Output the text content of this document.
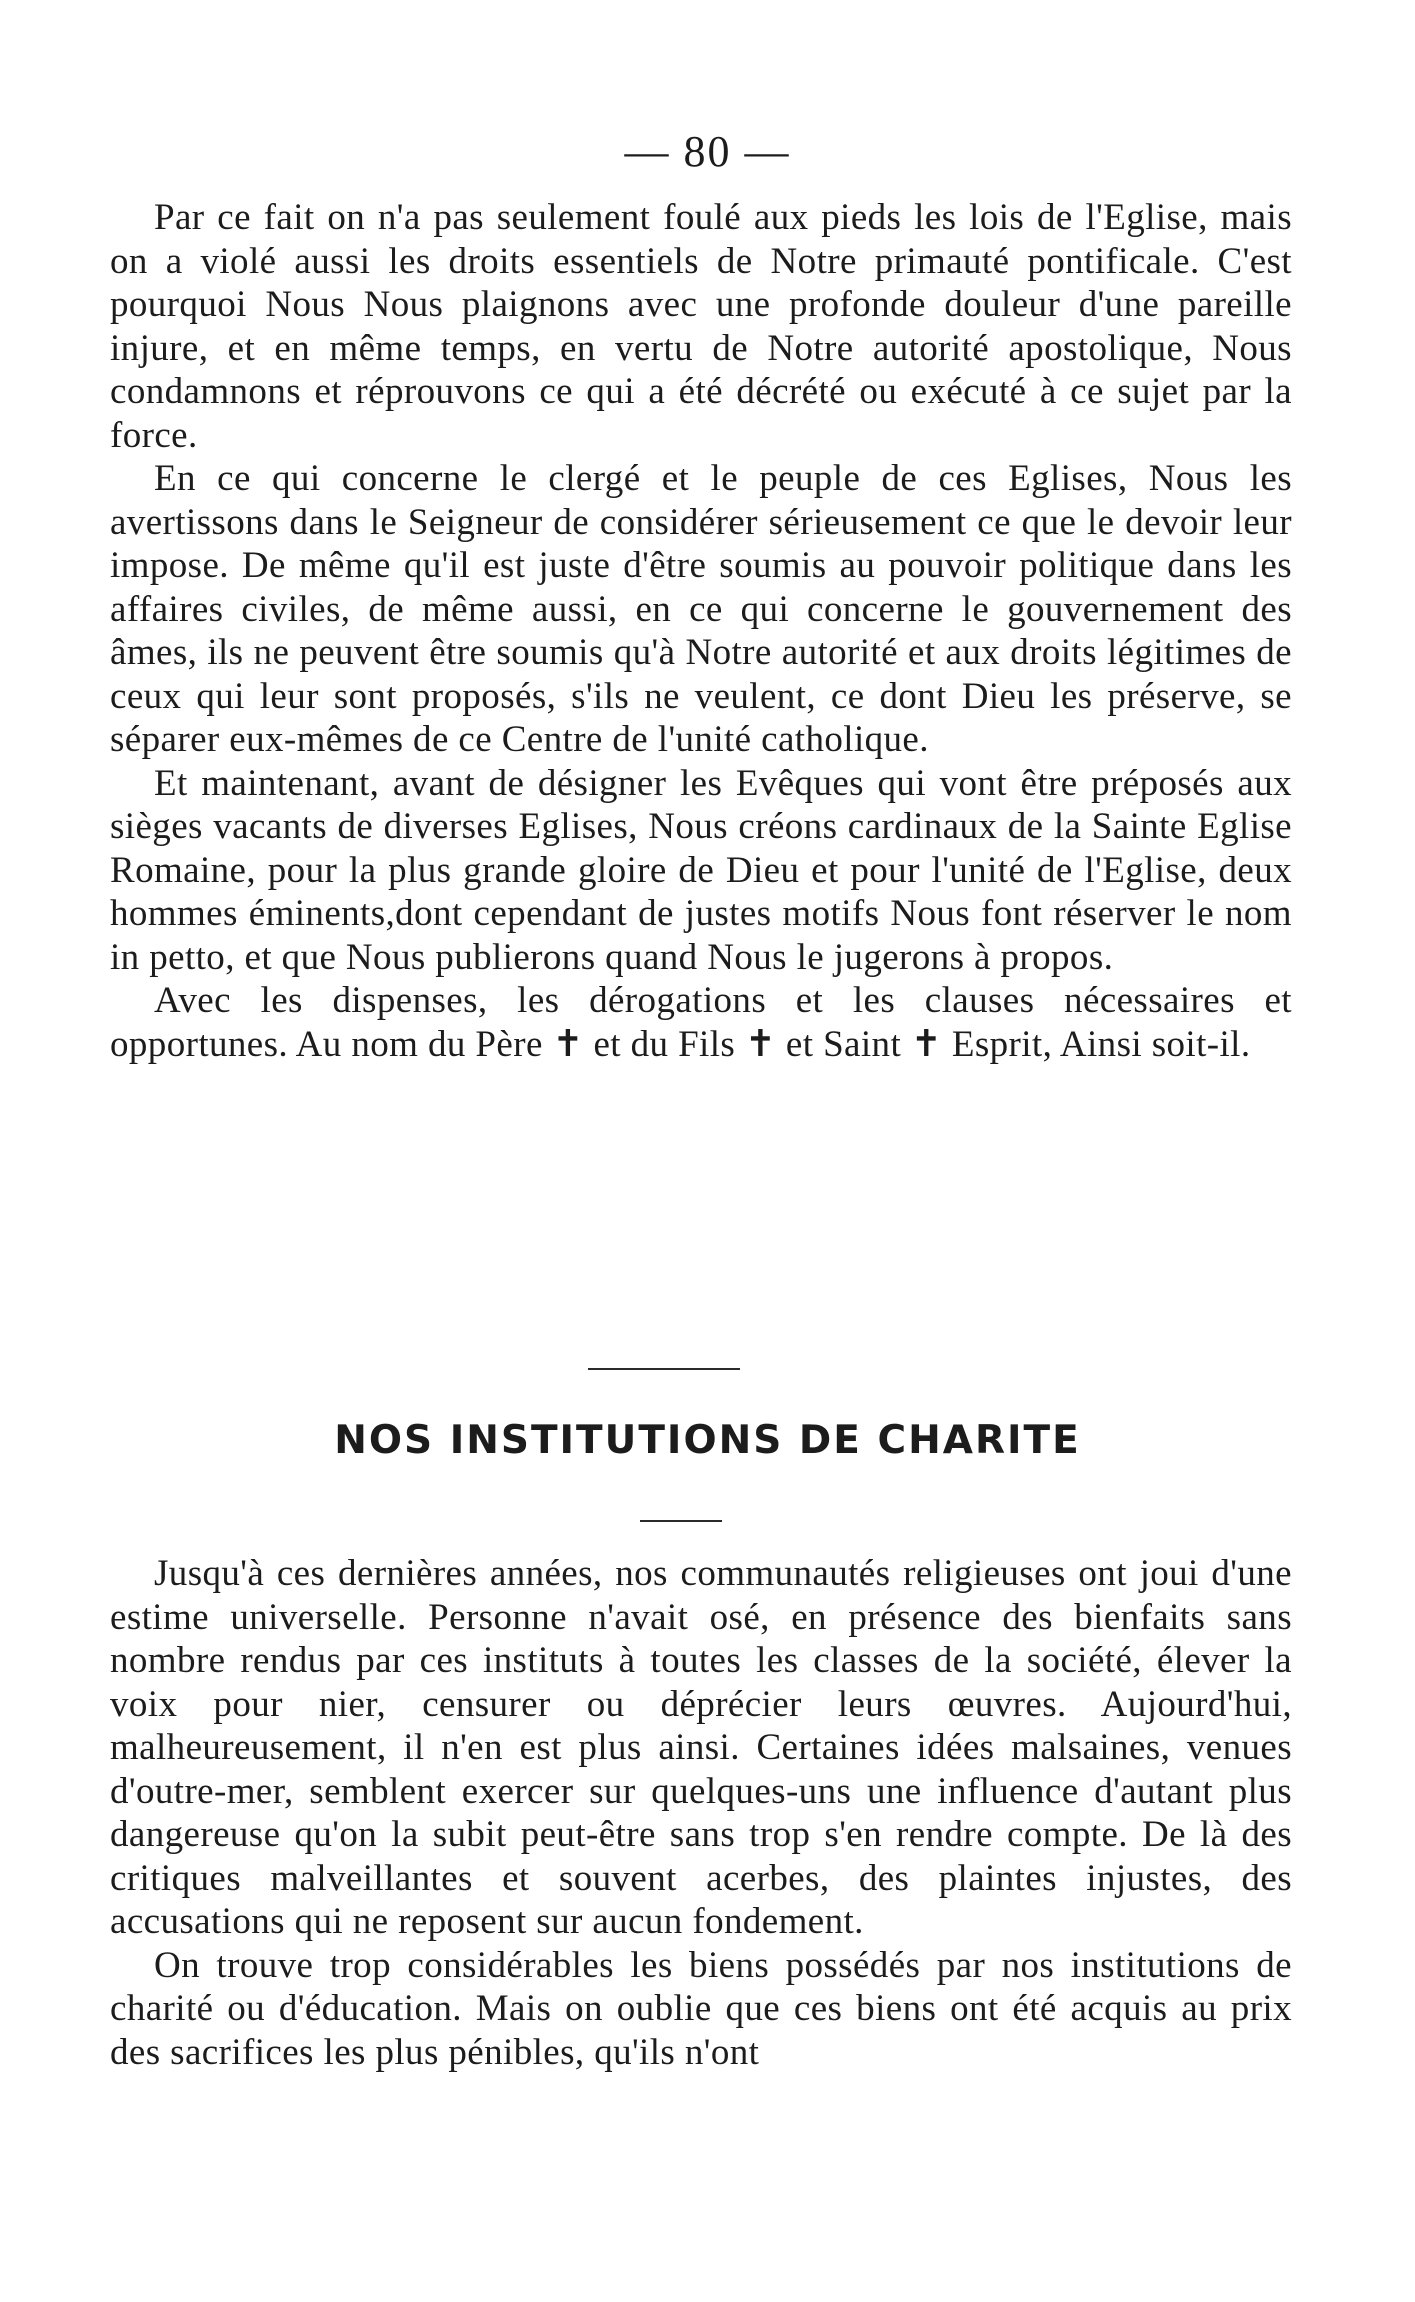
— 80 —

Par ce fait on n'a pas seulement foulé aux pieds les lois de l'Eglise, mais on a violé aussi les droits essentiels de Notre primauté pontificale. C'est pourquoi Nous Nous plaignons avec une profonde douleur d'une pareille injure, et en même temps, en vertu de Notre autorité apostolique, Nous condamnons et réprouvons ce qui a été décrété ou exécuté à ce sujet par la force.

En ce qui concerne le clergé et le peuple de ces Eglises, Nous les avertissons dans le Seigneur de considérer sérieusement ce que le devoir leur impose. De même qu'il est juste d'être soumis au pouvoir politique dans les affaires civiles, de même aussi, en ce qui concerne le gouvernement des âmes, ils ne peuvent être soumis qu'à Notre autorité et aux droits légitimes de ceux qui leur sont proposés, s'ils ne veulent, ce dont Dieu les préserve, se séparer eux-mêmes de ce Centre de l'unité catholique.

Et maintenant, avant de désigner les Evêques qui vont être préposés aux sièges vacants de diverses Eglises, Nous créons cardinaux de la Sainte Eglise Romaine, pour la plus grande gloire de Dieu et pour l'unité de l'Eglise, deux hommes éminents,dont cependant de justes motifs Nous font réserver le nom in petto, et que Nous publierons quand Nous le jugerons à propos.

Avec les dispenses, les dérogations et les clauses nécessaires et opportunes. Au nom du Père ✝ et du Fils ✝ et Saint ✝ Esprit, Ainsi soit-il.

NOS INSTITUTIONS DE CHARITE

Jusqu'à ces dernières années, nos communautés religieuses ont joui d'une estime universelle. Personne n'avait osé, en présence des bienfaits sans nombre rendus par ces instituts à toutes les classes de la société, élever la voix pour nier, censurer ou déprécier leurs œuvres. Aujourd'hui, malheureusement, il n'en est plus ainsi. Certaines idées malsaines, venues d'outre-mer, semblent exercer sur quelques-uns une influence d'autant plus dangereuse qu'on la subit peut-être sans trop s'en rendre compte. De là des critiques malveillantes et souvent acerbes, des plaintes injustes, des accusations qui ne reposent sur aucun fondement.

On trouve trop considérables les biens possédés par nos institutions de charité ou d'éducation. Mais on oublie que ces biens ont été acquis au prix des sacrifices les plus pénibles, qu'ils n'ont
